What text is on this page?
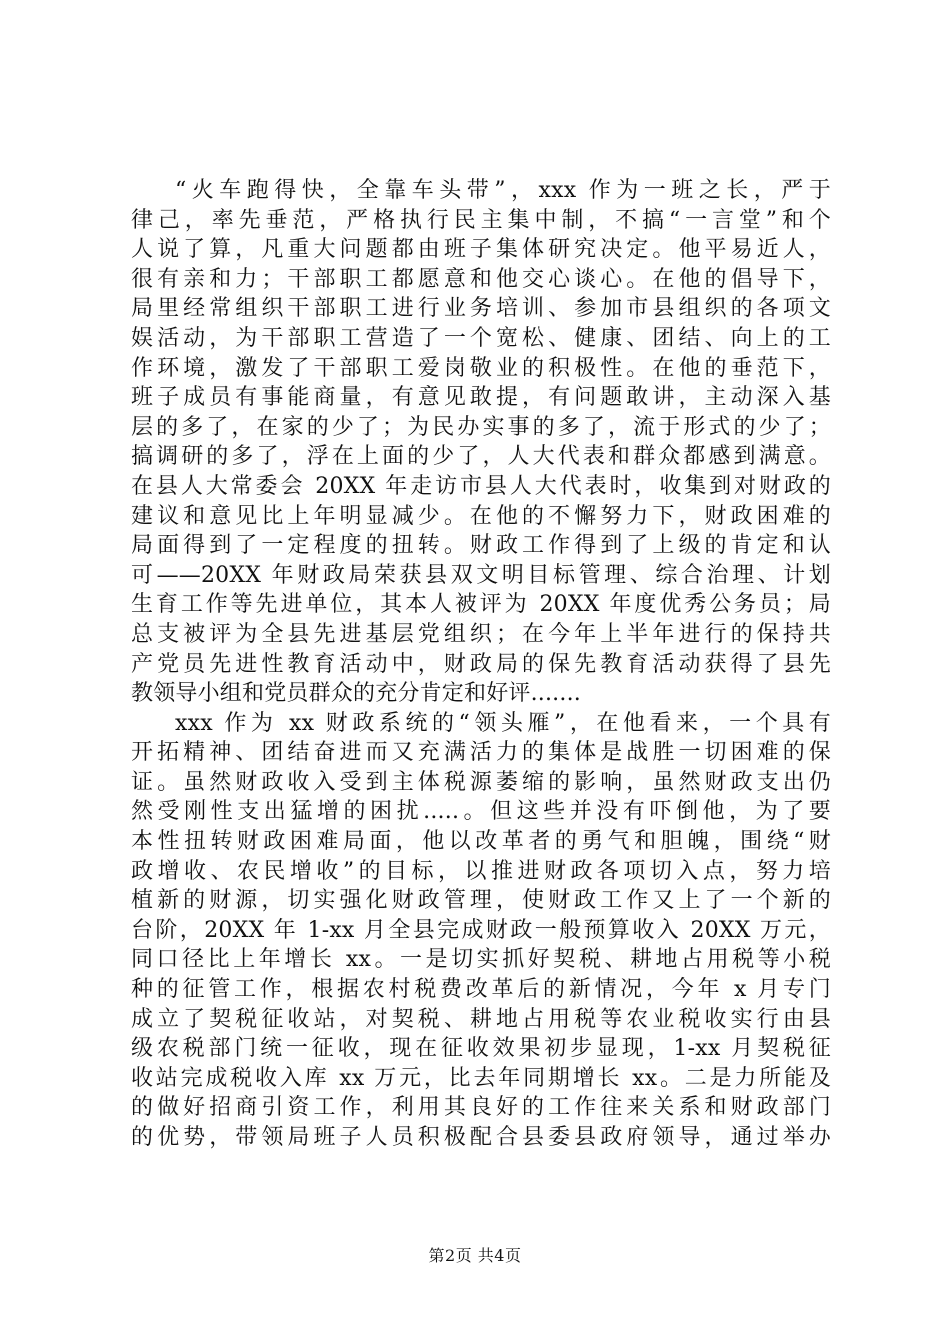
“火车跑得快，全靠车头带”，xxx 作为一班之长，严于
律己，率先垂范，严格执行民主集中制，不搞“一言堂”和个
人说了算，凡重大问题都由班子集体研究决定。他平易近人，
很有亲和力；干部职工都愿意和他交心谈心。在他的倡导下，
局里经常组织干部职工进行业务培训、参加市县组织的各项文
娱活动，为干部职工营造了一个宽松、健康、团结、向上的工
作环境，激发了干部职工爱岗敬业的积极性。在他的垂范下，
班子成员有事能商量，有意见敢提，有问题敢讲，主动深入基
层的多了，在家的少了；为民办实事的多了，流于形式的少了；
搞调研的多了，浮在上面的少了，人大代表和群众都感到满意。
在县人大常委会 20XX 年走访市县人大代表时，收集到对财政的
建议和意见比上年明显减少。在他的不懈努力下，财政困难的
局面得到了一定程度的扭转。财政工作得到了上级的肯定和认
可——20XX 年财政局荣获县双文明目标管理、综合治理、计划
生育工作等先进单位，其本人被评为 20XX 年度优秀公务员；局
总支被评为全县先进基层党组织；在今年上半年进行的保持共
产党员先进性教育活动中，财政局的保先教育活动获得了县先
教领导小组和党员群众的充分肯定和好评.......
xxx 作为 xx 财政系统的“领头雁”，在他看来，一个具有
开拓精神、团结奋进而又充满活力的集体是战胜一切困难的保
证。虽然财政收入受到主体税源萎缩的影响，虽然财政支出仍
然受刚性支出猛增的困扰.....。但这些并没有吓倒他，为了要
本性扭转财政困难局面，他以改革者的勇气和胆魄，围绕“财
政增收、农民增收”的目标，以推进财政各项切入点，努力培
植新的财源，切实强化财政管理，使财政工作又上了一个新的
台阶，20XX 年 1-xx 月全县完成财政一般预算收入 20XX 万元，
同口径比上年增长 xx。一是切实抓好契税、耕地占用税等小税
种的征管工作，根据农村税费改革后的新情况，今年 x 月专门
成立了契税征收站，对契税、耕地占用税等农业税收实行由县
级农税部门统一征收，现在征收效果初步显现，1-xx 月契税征
收站完成税收入库 xx 万元，比去年同期增长 xx。二是力所能及
的做好招商引资工作，利用其良好的工作往来关系和财政部门
的优势，带领局班子人员积极配合县委县政府领导，通过举办
第2页 共4页
